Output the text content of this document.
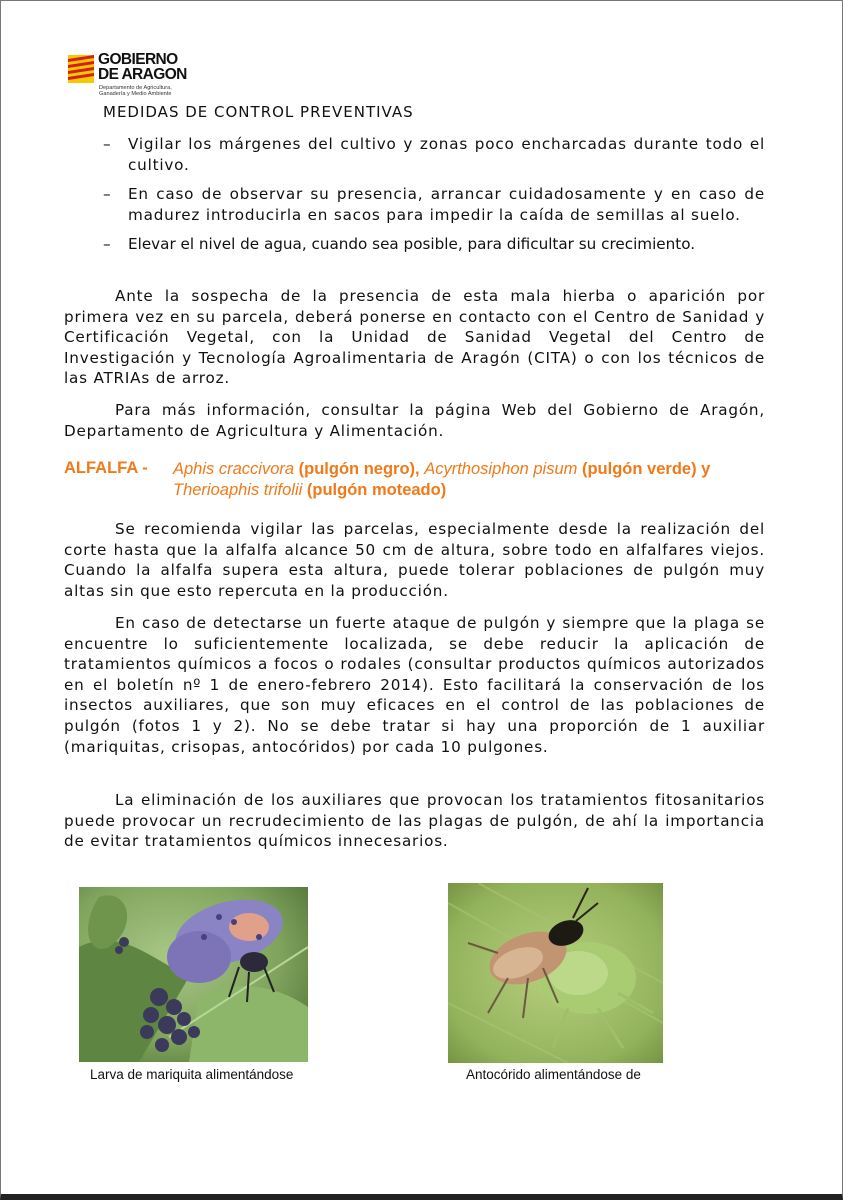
GOBIERNO
DE ARAGON
Departamento de Agricultura,
Ganadería y Medio Ambiente
MEDIDAS DE CONTROL PREVENTIVAS
– Vigilar los márgenes del cultivo y zonas poco encharcadas durante todo el cultivo.
– En caso de observar su presencia, arrancar cuidadosamente y en caso de madurez introducirla en sacos para impedir la caída de semillas al suelo.
– Elevar el nivel de agua, cuando sea posible, para dificultar su crecimiento.

Ante la sospecha de la presencia de esta mala hierba o aparición por primera vez en su parcela, deberá ponerse en contacto con el Centro de Sanidad y Certificación Vegetal, con la Unidad de Sanidad Vegetal del Centro de Investigación y Tecnología Agroalimentaria de Aragón (CITA) o con los técnicos de las ATRIAs de arroz.

Para más información, consultar la página Web del Gobierno de Aragón, Departamento de Agricultura y Alimentación.

ALFALFA - Aphis craccivora (pulgón negro), Acyrthosiphon pisum (pulgón verde) y
Therioaphis trifolii (pulgón moteado)

Se recomienda vigilar las parcelas, especialmente desde la realización del corte hasta que la alfalfa alcance 50 cm de altura, sobre todo en alfalfares viejos. Cuando la alfalfa supera esta altura, puede tolerar poblaciones de pulgón muy altas sin que esto repercuta en la producción.

En caso de detectarse un fuerte ataque de pulgón y siempre que la plaga se encuentre lo suficientemente localizada, se debe reducir la aplicación de tratamientos químicos a focos o rodales (consultar productos químicos autorizados en el boletín nº 1 de enero-febrero 2014). Esto facilitará la conservación de los insectos auxiliares, que son muy eficaces en el control de las poblaciones de pulgón (fotos 1 y 2). No se debe tratar si hay una proporción de 1 auxiliar (mariquitas, crisopas, antocóridos) por cada 10 pulgones.

La eliminación de los auxiliares que provocan los tratamientos fitosanitarios puede provocar un recrudecimiento de las plagas de pulgón, de ahí la importancia de evitar tratamientos químicos innecesarios.

Larva de mariquita alimentándose	Antocórido alimentándose de
